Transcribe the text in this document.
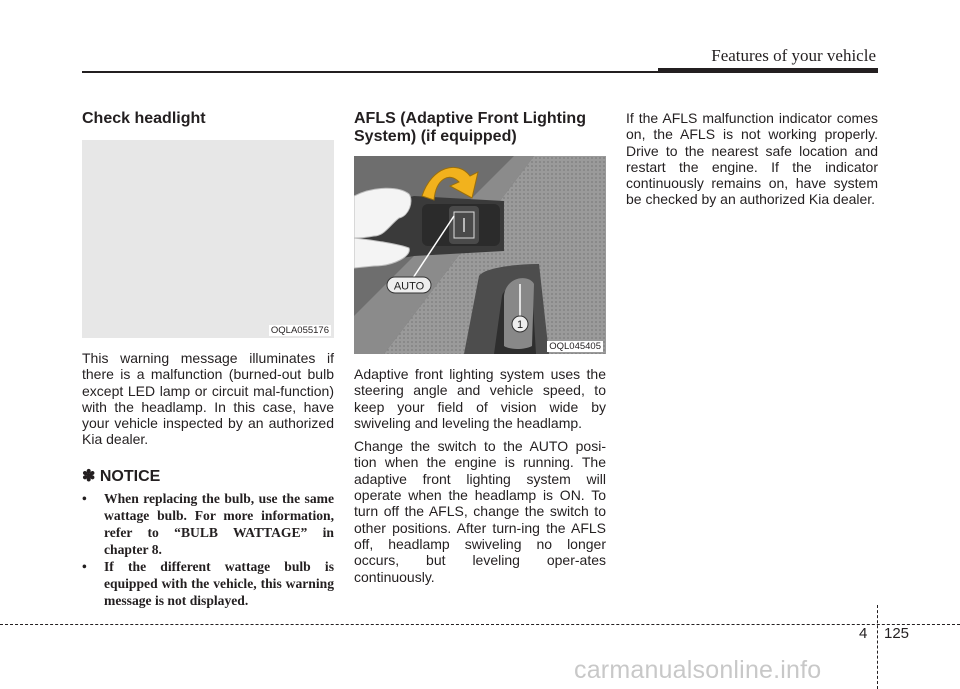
Features of your vehicle
Check headlight
OQLA055176

This warning message illuminates if there is a malfunction (burned-out bulb except LED lamp or circuit mal-function) with the headlamp. In this case, have your vehicle inspected by an authorized Kia dealer.

✽ NOTICE

• When replacing the bulb, use the same wattage bulb. For more information, refer to “BULB WATTAGE” in chapter 8.
• If the different wattage bulb is equipped with the vehicle, this warning message is not displayed.
AFLS (Adaptive Front Lighting System) (if equipped)
AUTO
1
OQL045405

Adaptive front lighting system uses the steering angle and vehicle speed, to keep your field of vision wide by swiveling and leveling the headlamp.

Change the switch to the AUTO posi-tion when the engine is running. The adaptive front lighting system will operate when the headlamp is ON. To turn off the AFLS, change the switch to other positions. After turn-ing the AFLS off, headlamp swiveling no longer occurs, but leveling oper-ates continuously.

If the AFLS malfunction indicator comes on, the AFLS is not working properly. Drive to the nearest safe location and restart the engine. If the indicator continuously remains on, have system be checked by an authorized Kia dealer.

4 125
carmanualsonline.info
